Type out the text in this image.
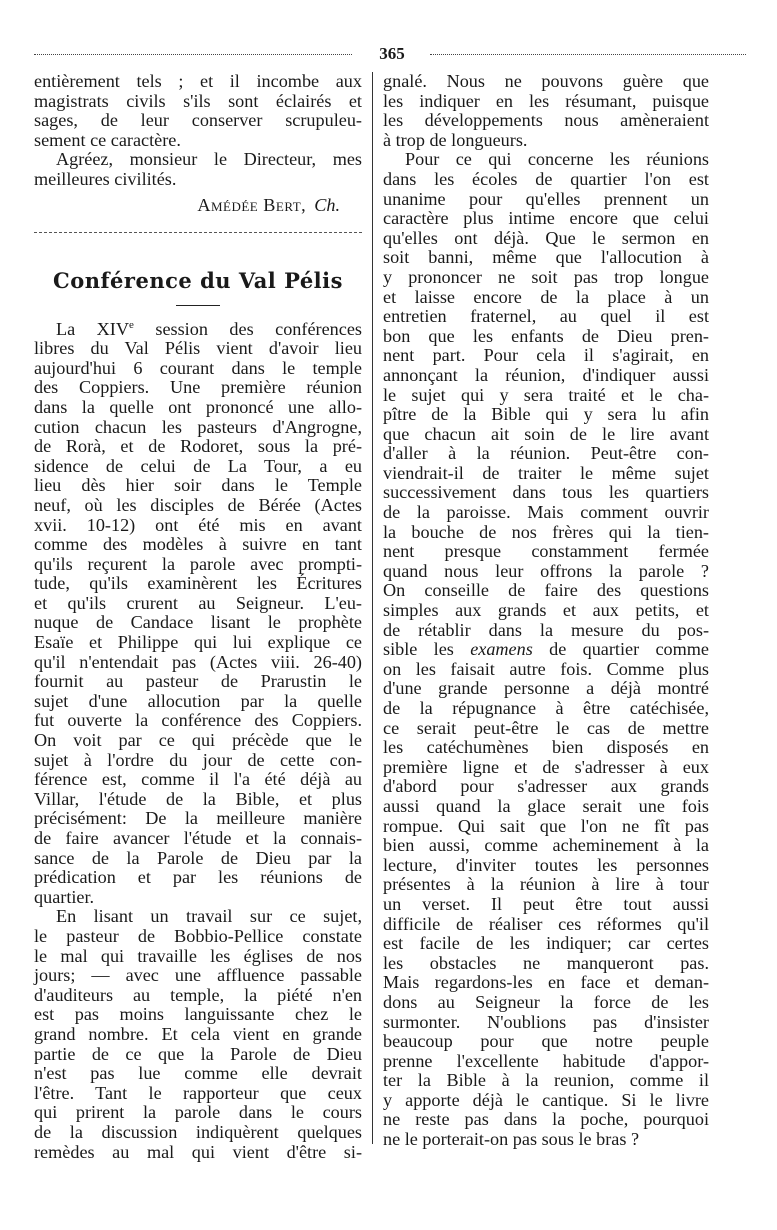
365
entièrement tels ; et il incombe aux
magistrats civils s'ils sont éclairés et
sages, de leur conserver scrupuleu-
sement ce caractère.
Agréez, monsieur le Directeur, mes
meilleures civilités.
Amédée Bert, Ch.
Conférence du Val Pélis
La XIVe session des conférences
libres du Val Pélis vient d'avoir lieu
aujourd'hui 6 courant dans le temple
des Coppiers. Une première réunion
dans la quelle ont prononcé une allo-
cution chacun les pasteurs d'Angrogne,
de Rorà, et de Rodoret, sous la pré-
sidence de celui de La Tour, a eu
lieu dès hier soir dans le Temple
neuf, où les disciples de Bérée (Actes
xvii. 10-12) ont été mis en avant
comme des modèles à suivre en tant
qu'ils reçurent la parole avec prompti-
tude, qu'ils examinèrent les Écritures
et qu'ils crurent au Seigneur. L'eu-
nuque de Candace lisant le prophète
Esaïe et Philippe qui lui explique ce
qu'il n'entendait pas (Actes viii. 26-40)
fournit au pasteur de Prarustin le
sujet d'une allocution par la quelle
fut ouverte la conférence des Coppiers.
On voit par ce qui précède que le
sujet à l'ordre du jour de cette con-
férence est, comme il l'a été déjà au
Villar, l'étude de la Bible, et plus
précisément: De la meilleure manière
de faire avancer l'étude et la connais-
sance de la Parole de Dieu par la
prédication et par les réunions de
quartier.
En lisant un travail sur ce sujet,
le pasteur de Bobbio-Pellice constate
le mal qui travaille les églises de nos
jours; — avec une affluence passable
d'auditeurs au temple, la piété n'en
est pas moins languissante chez le
grand nombre. Et cela vient en grande
partie de ce que la Parole de Dieu
n'est pas lue comme elle devrait
l'être. Tant le rapporteur que ceux
qui prirent la parole dans le cours
de la discussion indiquèrent quelques
remèdes au mal qui vient d'être si-
gnalé. Nous ne pouvons guère que
les indiquer en les résumant, puisque
les développements nous amèneraient
à trop de longueurs.
Pour ce qui concerne les réunions
dans les écoles de quartier l'on est
unanime pour qu'elles prennent un
caractère plus intime encore que celui
qu'elles ont déjà. Que le sermon en
soit banni, même que l'allocution à
y prononcer ne soit pas trop longue
et laisse encore de la place à un
entretien fraternel, au quel il est
bon que les enfants de Dieu pren-
nent part. Pour cela il s'agirait, en
annonçant la réunion, d'indiquer aussi
le sujet qui y sera traité et le cha-
pître de la Bible qui y sera lu afin
que chacun ait soin de le lire avant
d'aller à la réunion. Peut-être con-
viendrait-il de traiter le même sujet
successivement dans tous les quartiers
de la paroisse. Mais comment ouvrir
la bouche de nos frères qui la tien-
nent presque constamment fermée
quand nous leur offrons la parole ?
On conseille de faire des questions
simples aux grands et aux petits, et
de rétablir dans la mesure du pos-
sible les examens de quartier comme
on les faisait autre fois. Comme plus
d'une grande personne a déjà montré
de la répugnance à être catéchisée,
ce serait peut-être le cas de mettre
les catéchumènes bien disposés en
première ligne et de s'adresser à eux
d'abord pour s'adresser aux grands
aussi quand la glace serait une fois
rompue. Qui sait que l'on ne fît pas
bien aussi, comme acheminement à la
lecture, d'inviter toutes les personnes
présentes à la réunion à lire à tour
un verset. Il peut être tout aussi
difficile de réaliser ces réformes qu'il
est facile de les indiquer; car certes
les obstacles ne manqueront pas.
Mais regardons-les en face et deman-
dons au Seigneur la force de les
surmonter. N'oublions pas d'insister
beaucoup pour que notre peuple
prenne l'excellente habitude d'appor-
ter la Bible à la reunion, comme il
y apporte déjà le cantique. Si le livre
ne reste pas dans la poche, pourquoi
ne le porterait-on pas sous le bras ?
